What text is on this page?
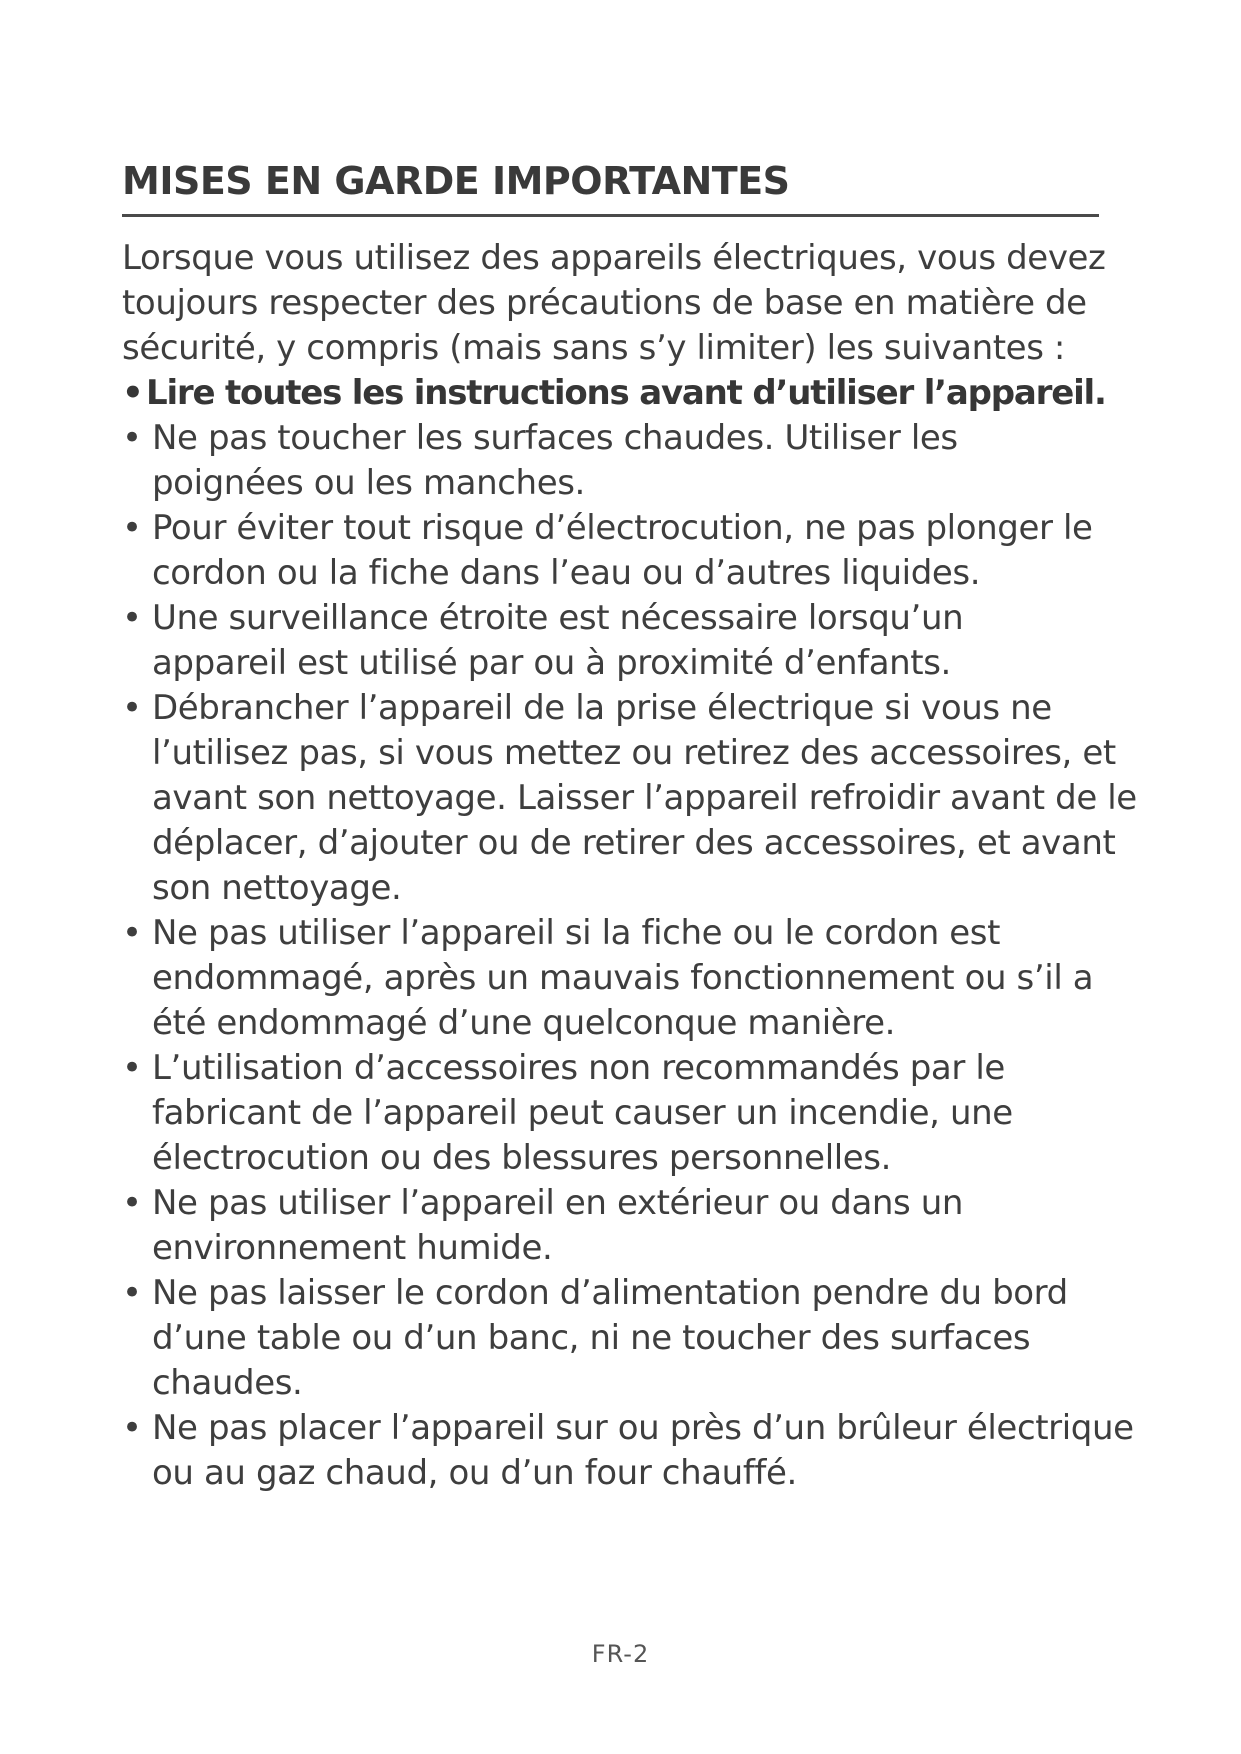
MISES EN GARDE IMPORTANTES

Lorsque vous utilisez des appareils électriques, vous devez toujours respecter des précautions de base en matière de sécurité, y compris (mais sans s’y limiter) les suivantes :

• Lire toutes les instructions avant d’utiliser l’appareil.
• Ne pas toucher les surfaces chaudes. Utiliser les poignées ou les manches.
• Pour éviter tout risque d’électrocution, ne pas plonger le cordon ou la fiche dans l’eau ou d’autres liquides.
• Une surveillance étroite est nécessaire lorsqu’un appareil est utilisé par ou à proximité d’enfants.
• Débrancher l’appareil de la prise électrique si vous ne l’utilisez pas, si vous mettez ou retirez des accessoires, et avant son nettoyage. Laisser l’appareil refroidir avant de le déplacer, d’ajouter ou de retirer des accessoires, et avant son nettoyage.
• Ne pas utiliser l’appareil si la fiche ou le cordon est endommagé, après un mauvais fonctionnement ou s’il a été endommagé d’une quelconque manière.
• L’utilisation d’accessoires non recommandés par le fabricant de l’appareil peut causer un incendie, une électrocution ou des blessures personnelles.
• Ne pas utiliser l’appareil en extérieur ou dans un environnement humide.
• Ne pas laisser le cordon d’alimentation pendre du bord d’une table ou d’un banc, ni ne toucher des surfaces chaudes.
• Ne pas placer l’appareil sur ou près d’un brûleur électrique ou au gaz chaud, ou d’un four chauffé.
FR-2
